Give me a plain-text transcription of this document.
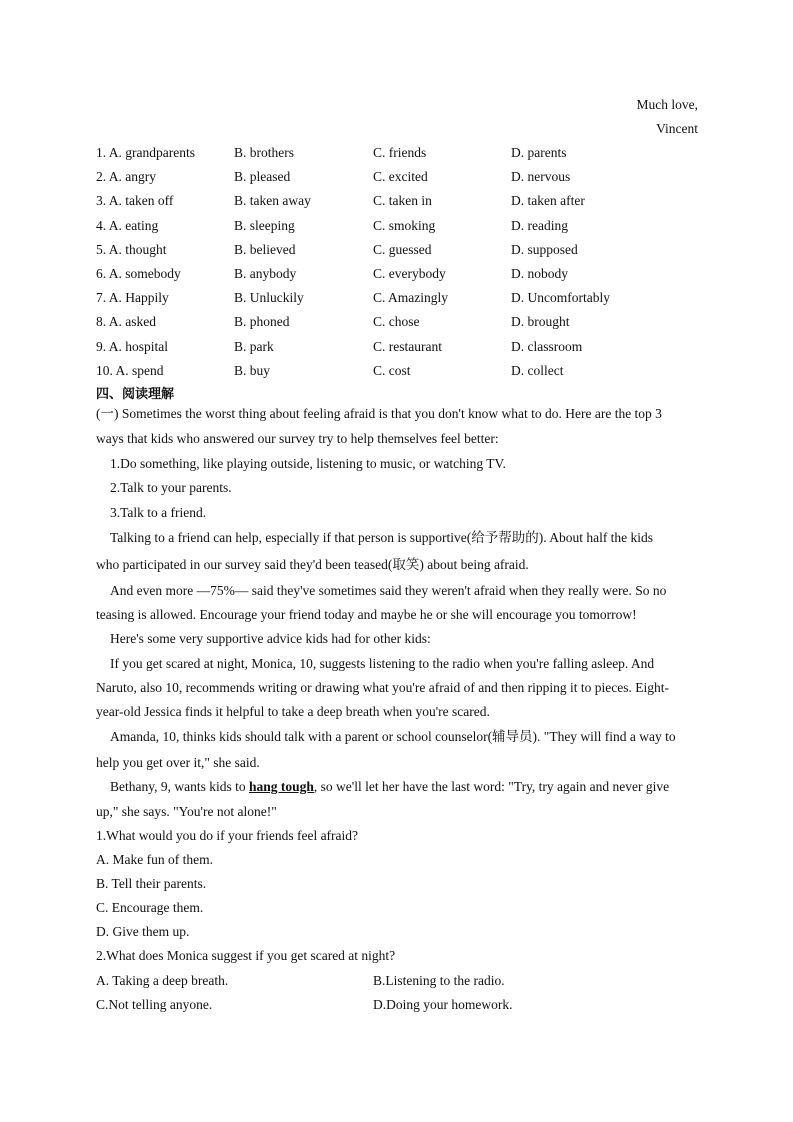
Much love,
Vincent
1. A. grandparents	B. brothers	C. friends	D. parents
2. A. angry	B. pleased	C. excited	D. nervous
3. A. taken off	B. taken away	C. taken in	D. taken after
4. A. eating	B. sleeping	C. smoking	D. reading
5. A. thought	B. believed	C. guessed	D. supposed
6. A. somebody	B. anybody	C. everybody	D. nobody
7. A. Happily	B. Unluckily	C. Amazingly	D. Uncomfortably
8. A. asked	B. phoned	C. chose	D. brought
9. A. hospital	B. park	C. restaurant	D. classroom
10. A. spend	B. buy	C. cost	D. collect
四、阅读理解
(一) Sometimes the worst thing about feeling afraid is that you don't know what to do. Here are the top 3
ways that kids who answered our survey try to help themselves feel better:
1.Do something, like playing outside, listening to music, or watching TV.
2.Talk to your parents.
3.Talk to a friend.
Talking to a friend can help, especially if that person is supportive(给予帮助的). About half the kids
who participated in our survey said they'd been teased(取笑) about being afraid.
And even more —75%— said they've sometimes said they weren't afraid when they really were. So no
teasing is allowed. Encourage your friend today and maybe he or she will encourage you tomorrow!
Here's some very supportive advice kids had for other kids:
If you get scared at night, Monica, 10, suggests listening to the radio when you're falling asleep. And
Naruto, also 10, recommends writing or drawing what you're afraid of and then ripping it to pieces. Eight-
year-old Jessica finds it helpful to take a deep breath when you're scared.
Amanda, 10, thinks kids should talk with a parent or school counselor(辅导员). "They will find a way to
help you get over it," she said.
Bethany, 9, wants kids to hang tough, so we'll let her have the last word: "Try, try again and never give
up," she says. "You're not alone!"
1.What would you do if your friends feel afraid?
A. Make fun of them.
B. Tell their parents.
C. Encourage them.
D. Give them up.
2.What does Monica suggest if you get scared at night?
A. Taking a deep breath.	B.Listening to the radio.
C.Not telling anyone.	D.Doing your homework.
